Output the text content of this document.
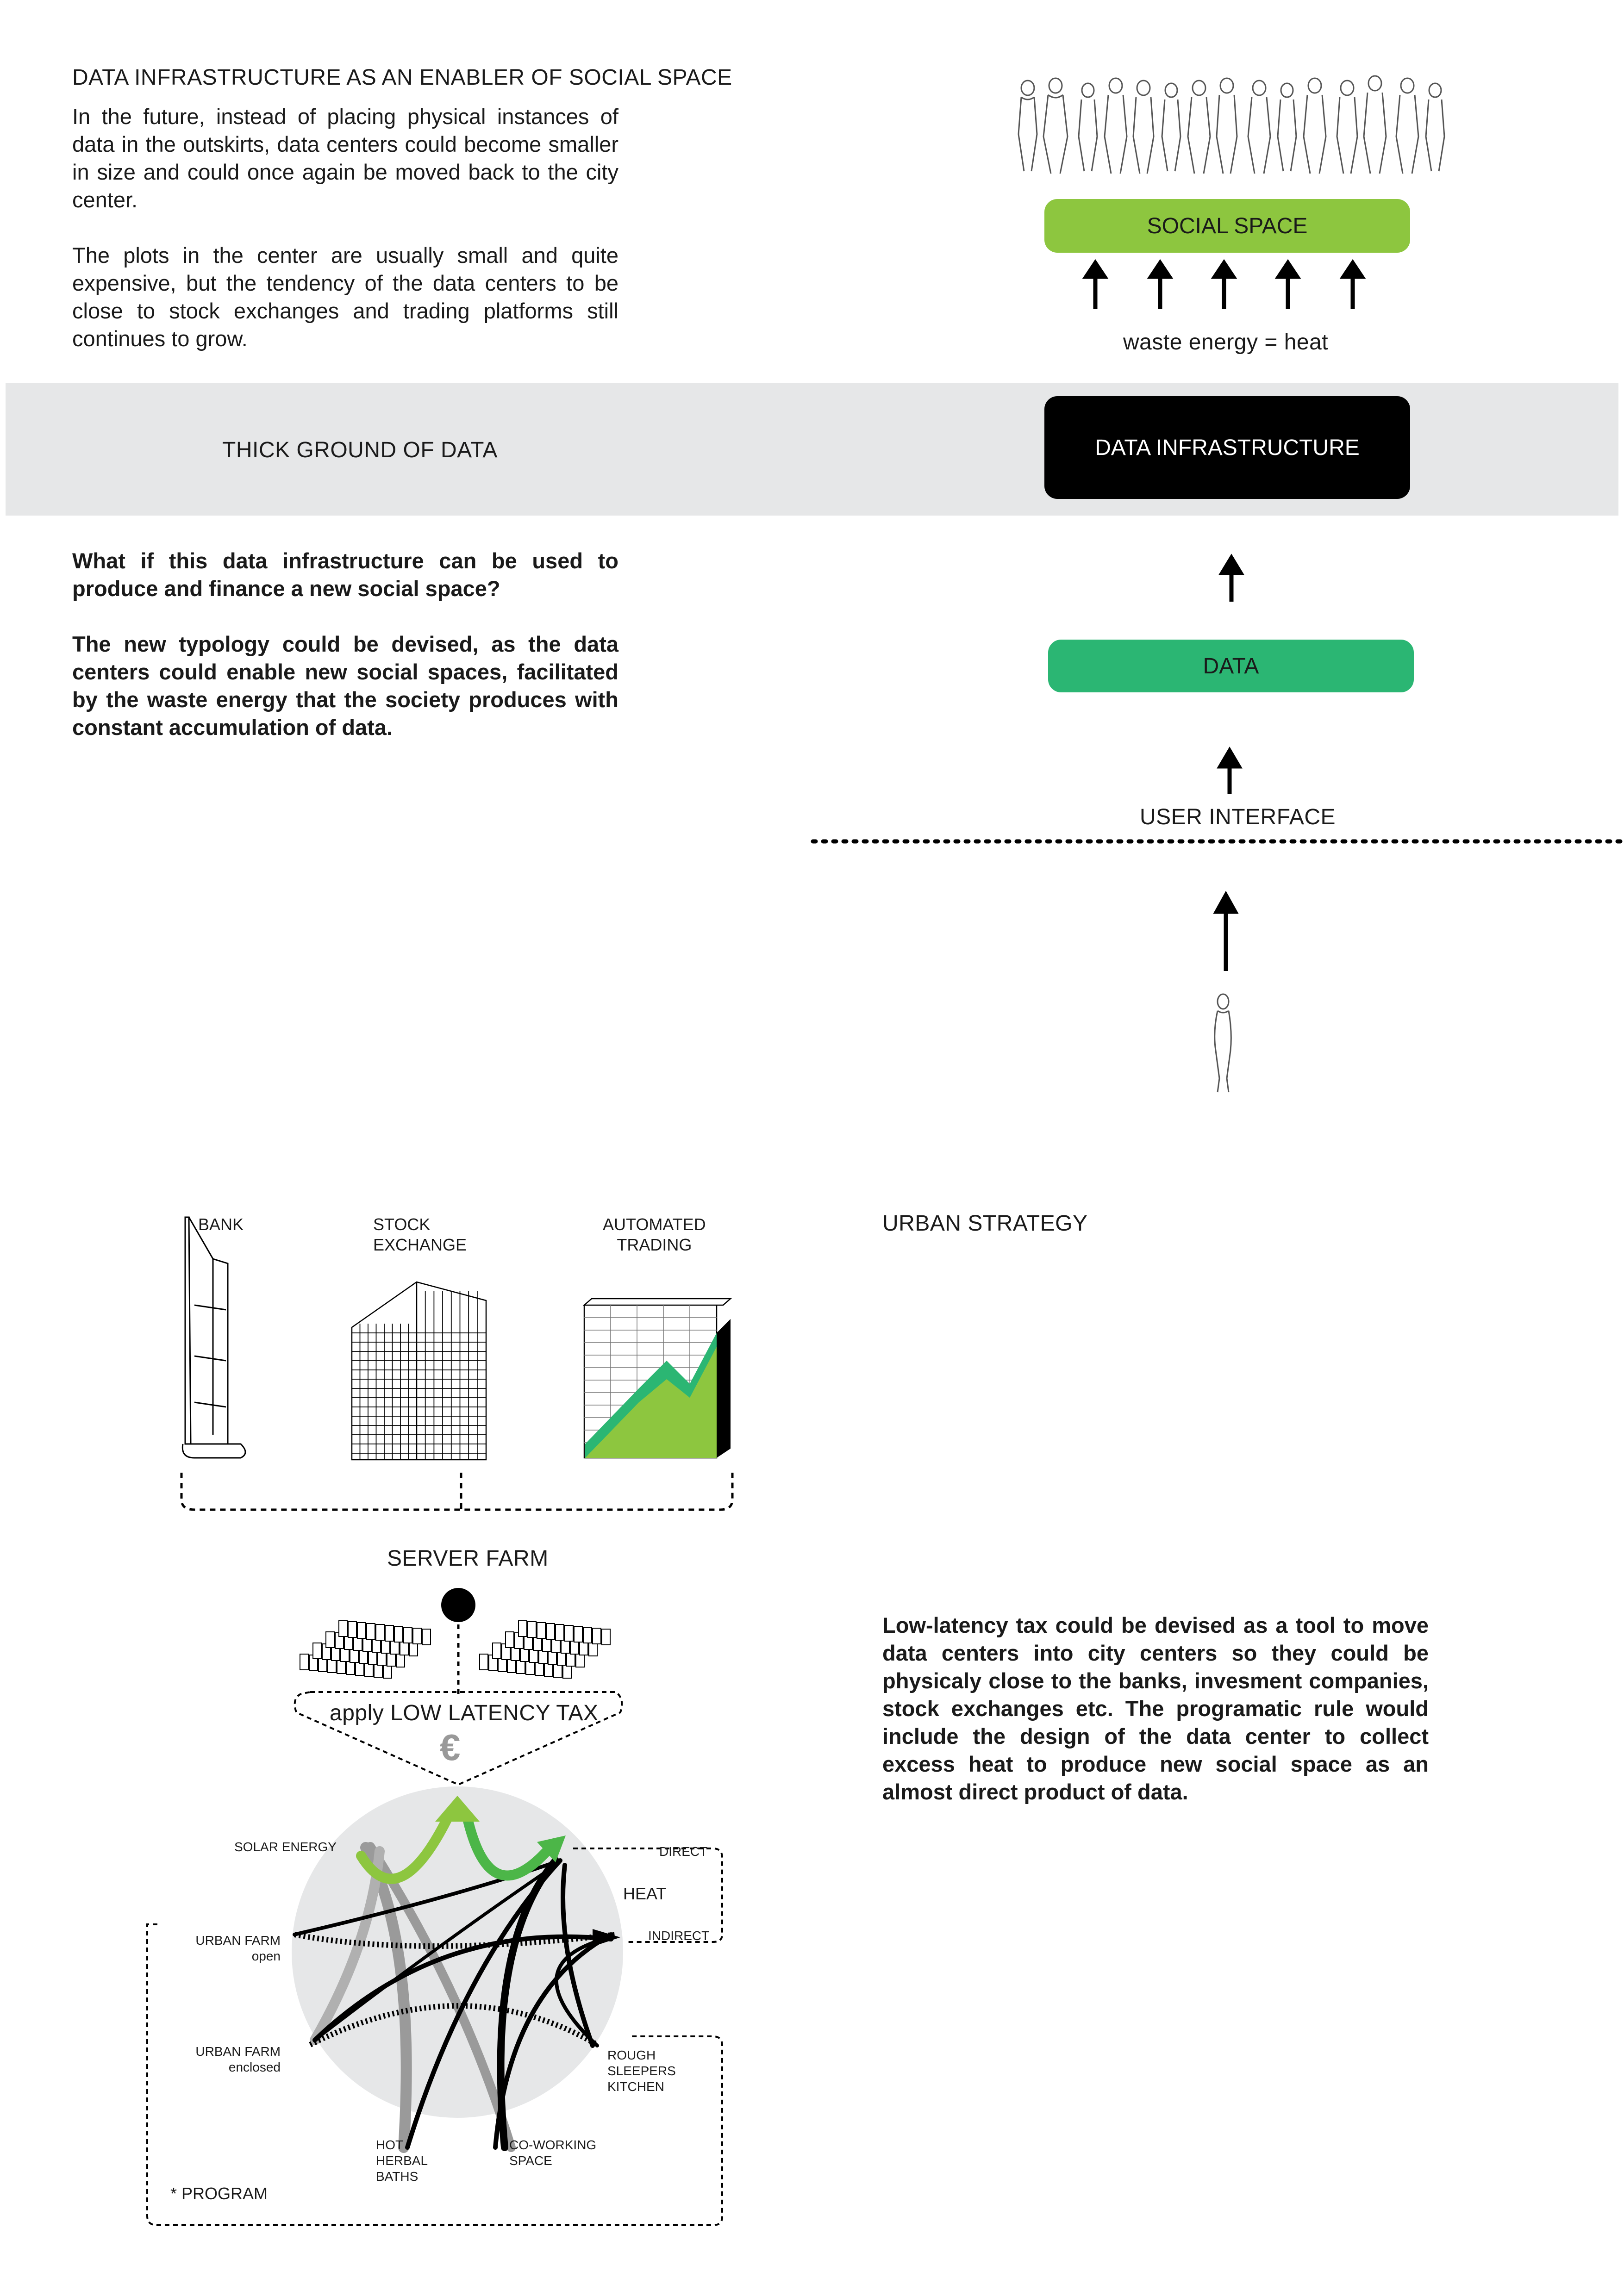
DATA INFRASTRUCTURE AS AN ENABLER OF SOCIAL SPACE
In the future, instead of placing physical instances of data in the outskirts, data centers could become smaller in size and could once again be moved back to the city center.
The plots in the center are usually small and quite expensive, but the tendency of the data centers to be close to stock exchanges and trading platforms still continues to grow.
THICK GROUND OF DATA
What if this data infrastructure can be used to produce and finance a new social space?
The new typology could be devised, as the data centers could enable new social spaces, facilitated by the waste energy that the society produces with constant accumulation of data.
SOCIAL SPACE
waste energy = heat
DATA INFRASTRUCTURE
DATA
USER INTERFACE
BANK	STOCK
EXCHANGE
AUTOMATED
TRADING
SERVER FARM
apply LOW LATENCY TAX
€
SOLAR ENERGY	DIRECT
HEAT
INDIRECT
URBAN FARM
open
URBAN FARM
enclosed
ROUGH
SLEEPERS
KITCHEN
HOT
HERBAL
BATHS
CO-WORKING
SPACE
* PROGRAM
URBAN STRATEGY
Low-latency tax could be devised as a tool to move data centers into city centers so they could be physicaly close to the banks, invesment companies, stock exchanges etc. The programatic rule would include the design of the data center to collect excess heat to produce new social space as an almost direct product of data.
